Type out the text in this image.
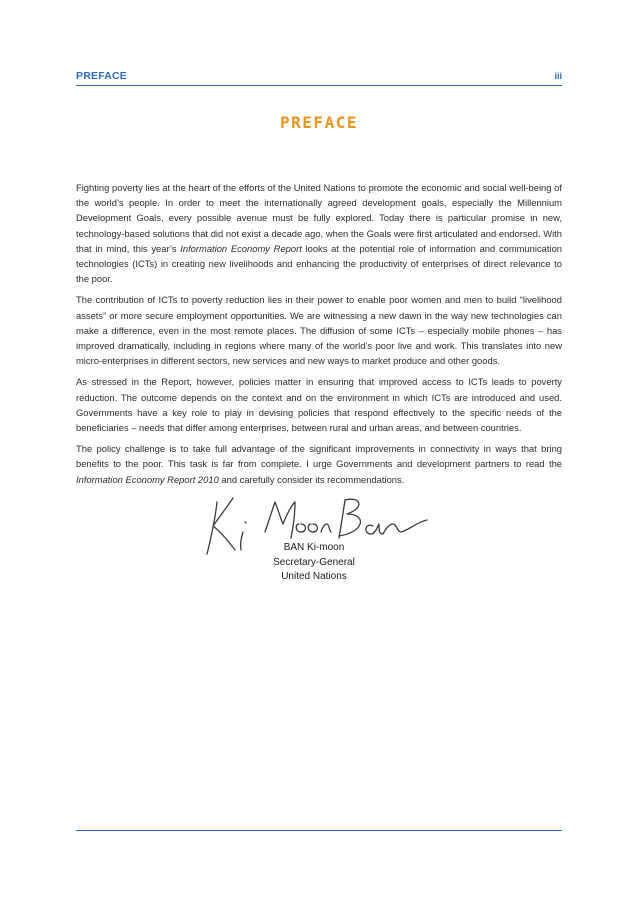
PREFACE	iii
PREFACE

Fighting poverty lies at the heart of the efforts of the United Nations to promote the economic and social well-being of the world’s people. In order to meet the internationally agreed development goals, especially the Millennium Development Goals, every possible avenue must be fully explored. Today there is particular promise in new, technology-based solutions that did not exist a decade ago, when the Goals were first articulated and endorsed. With that in mind, this year’s Information Economy Report looks at the potential role of information and communication technologies (ICTs) in creating new livelihoods and enhancing the productivity of enterprises of direct relevance to the poor.

The contribution of ICTs to poverty reduction lies in their power to enable poor women and men to build “livelihood assets” or more secure employment opportunities. We are witnessing a new dawn in the way new technologies can make a difference, even in the most remote places. The diffusion of some ICTs – especially mobile phones – has improved dramatically, including in regions where many of the world’s poor live and work. This translates into new micro-enterprises in different sectors, new services and new ways to market produce and other goods.

As stressed in the Report, however, policies matter in ensuring that improved access to ICTs leads to poverty reduction. The outcome depends on the context and on the environment in which ICTs are introduced and used. Governments have a key role to play in devising policies that respond effectively to the specific needs of the beneficiaries – needs that differ among enterprises, between rural and urban areas, and between countries.

The policy challenge is to take full advantage of the significant improvements in connectivity in ways that bring benefits to the poor. This task is far from complete. I urge Governments and development partners to read the Information Economy Report 2010 and carefully consider its recommendations.

BAN Ki-moon
Secretary-General
United Nations
